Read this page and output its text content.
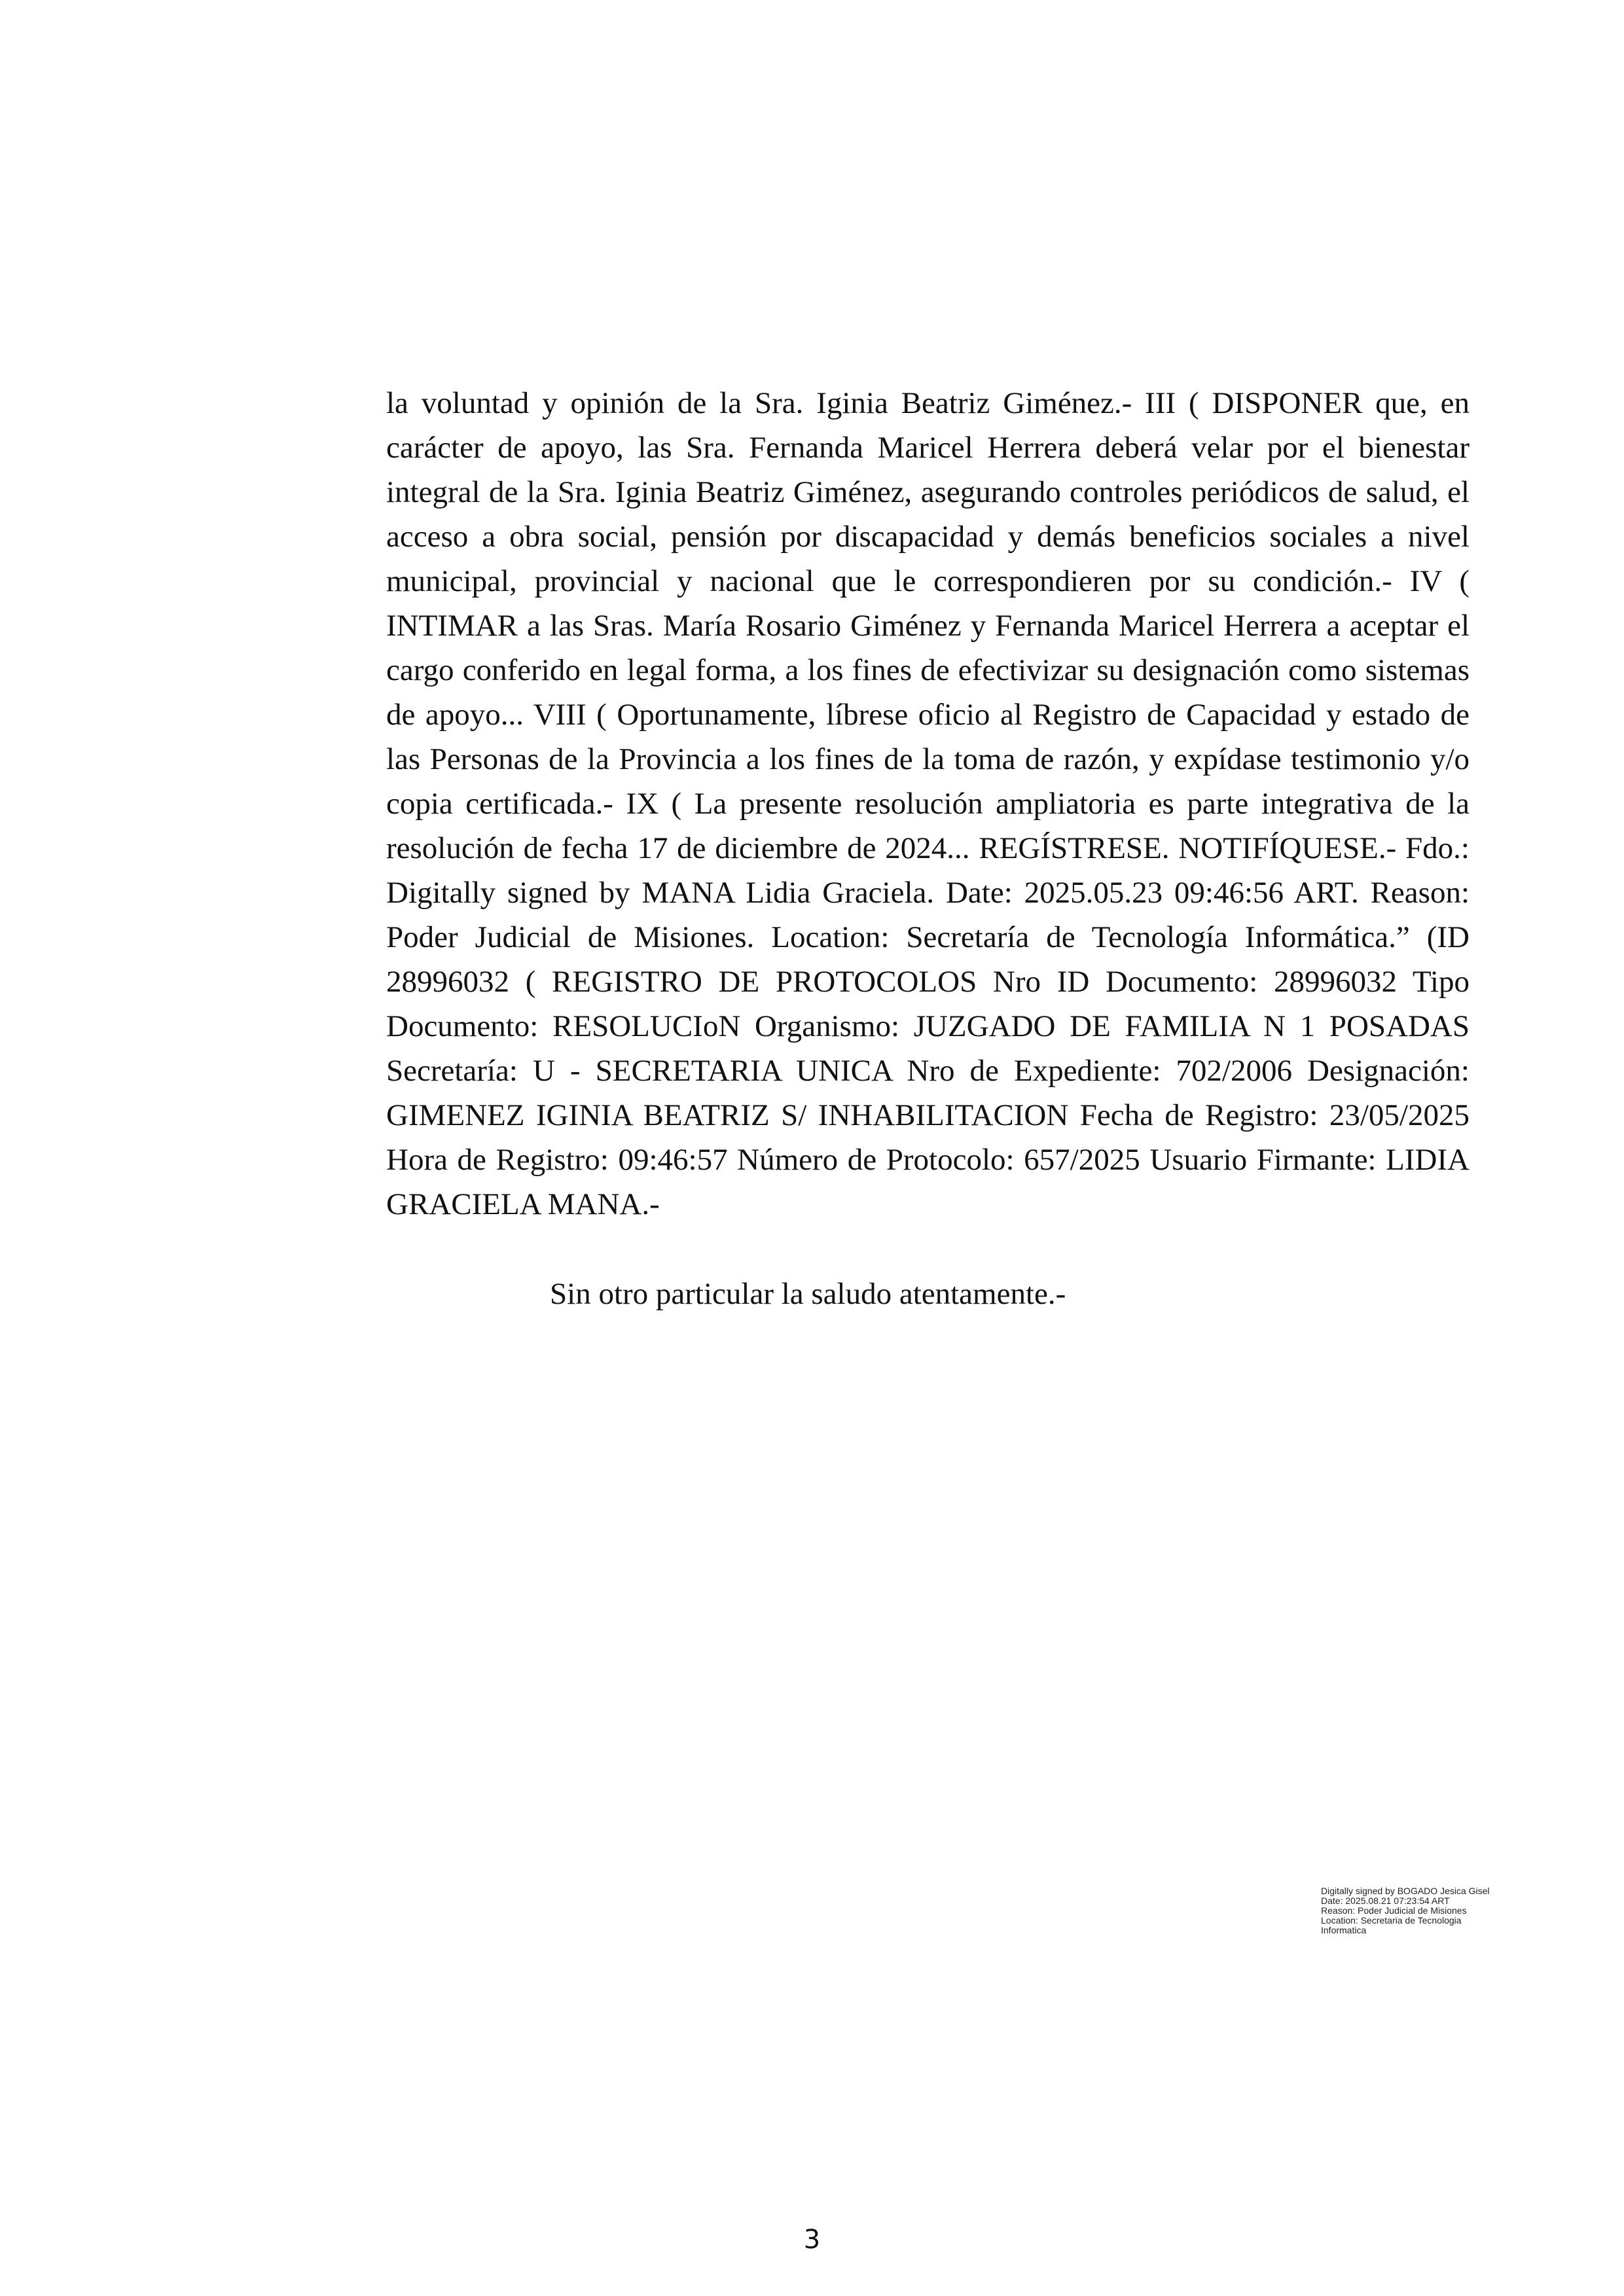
la voluntad y opinión de la Sra. Iginia Beatriz Giménez.- III ( DISPONER que, en carácter de apoyo, las Sra. Fernanda Maricel Herrera deberá velar por el bienestar integral de la Sra. Iginia Beatriz Giménez, asegurando controles periódicos de salud, el acceso a obra social, pensión por discapacidad y demás beneficios sociales a nivel municipal, provincial y nacional que le correspondieren por su condición.- IV ( INTIMAR a las Sras. María Rosario Giménez y Fernanda Maricel Herrera a aceptar el cargo conferido en legal forma, a los fines de efectivizar su designación como sistemas de apoyo... VIII ( Oportunamente, líbrese oficio al Registro de Capacidad y estado de las Personas de la Provincia a los fines de la toma de razón, y expídase testimonio y/o copia certificada.- IX ( La presente resolución ampliatoria es parte integrativa de la resolución de fecha 17 de diciembre de 2024... REGÍSTRESE. NOTIFÍQUESE.- Fdo.: Digitally signed by MANA Lidia Graciela. Date: 2025.05.23 09:46:56 ART. Reason: Poder Judicial de Misiones. Location: Secretaría de Tecnología Informática.” (ID 28996032 ( REGISTRO DE PROTOCOLOS Nro ID Documento: 28996032 Tipo Documento: RESOLUCIoN Organismo: JUZGADO DE FAMILIA N 1 POSADAS Secretaría: U - SECRETARIA UNICA Nro de Expediente: 702/2006 Designación: GIMENEZ IGINIA BEATRIZ S/ INHABILITACION Fecha de Registro: 23/05/2025 Hora de Registro: 09:46:57 Número de Protocolo: 657/2025 Usuario Firmante: LIDIA GRACIELA MANA.-

Sin otro particular la saludo atentamente.-

Digitally signed by BOGADO Jesica Gisel
Date: 2025.08.21 07:23:54 ART
Reason: Poder Judicial de Misiones
Location: Secretaria de Tecnologia
Informatica
3
